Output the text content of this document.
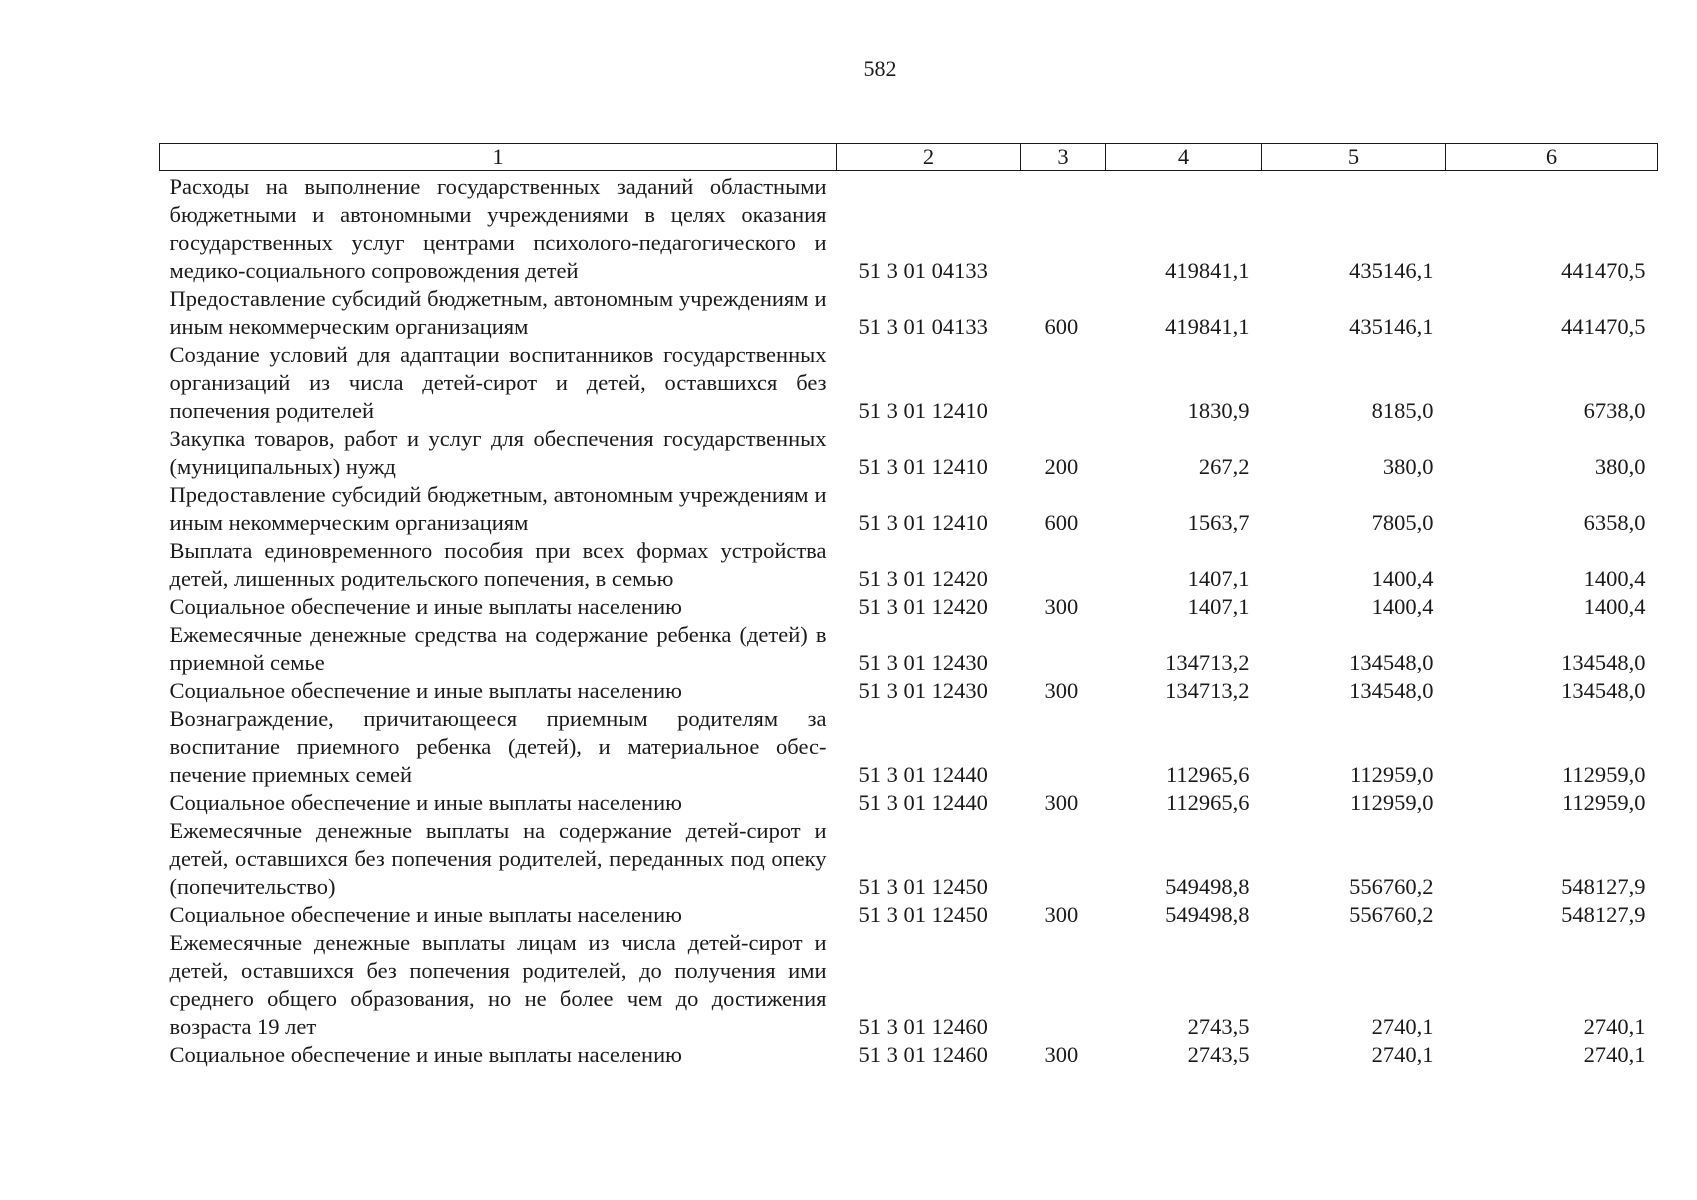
582
1	2	3	4	5	6
Расходы на выполнение государственных заданий областными бюджетными и автономными учреждениями в целях оказания государственных услуг центрами психолого-педагогического и медико-социального сопровождения детей	51 3 01 04133		419841,1	435146,1	441470,5
Предоставление субсидий бюджетным, автономным учреждениям и иным некоммерческим организациям	51 3 01 04133	600	419841,1	435146,1	441470,5
Создание условий для адаптации воспитанников государственных организаций из числа детей-сирот и детей, оставшихся без попечения родителей	51 3 01 12410		1830,9	8185,0	6738,0
Закупка товаров, работ и услуг для обеспечения государственных (муниципальных) нужд	51 3 01 12410	200	267,2	380,0	380,0
Предоставление субсидий бюджетным, автономным учреждениям и иным некоммерческим организациям	51 3 01 12410	600	1563,7	7805,0	6358,0
Выплата единовременного пособия при всех формах устройства детей, лишенных родительского попечения, в семью	51 3 01 12420		1407,1	1400,4	1400,4
Социальное обеспечение и иные выплаты населению	51 3 01 12420	300	1407,1	1400,4	1400,4
Ежемесячные денежные средства на содержание ребенка (детей) в приемной семье	51 3 01 12430		134713,2	134548,0	134548,0
Социальное обеспечение и иные выплаты населению	51 3 01 12430	300	134713,2	134548,0	134548,0
Вознаграждение, причитающееся приемным родителям за воспитание приемного ребенка (детей), и материальное обеспечение приемных семей	51 3 01 12440		112965,6	112959,0	112959,0
Социальное обеспечение и иные выплаты населению	51 3 01 12440	300	112965,6	112959,0	112959,0
Ежемесячные денежные выплаты на содержание детей-сирот и детей, оставшихся без попечения родителей, переданных под опеку (попечительство)	51 3 01 12450		549498,8	556760,2	548127,9
Социальное обеспечение и иные выплаты населению	51 3 01 12450	300	549498,8	556760,2	548127,9
Ежемесячные денежные выплаты лицам из числа детей-сирот и детей, оставшихся без попечения родителей, до получения ими среднего общего образования, но не более чем до достижения возраста 19 лет	51 3 01 12460		2743,5	2740,1	2740,1
Социальное обеспечение и иные выплаты населению	51 3 01 12460	300	2743,5	2740,1	2740,1
